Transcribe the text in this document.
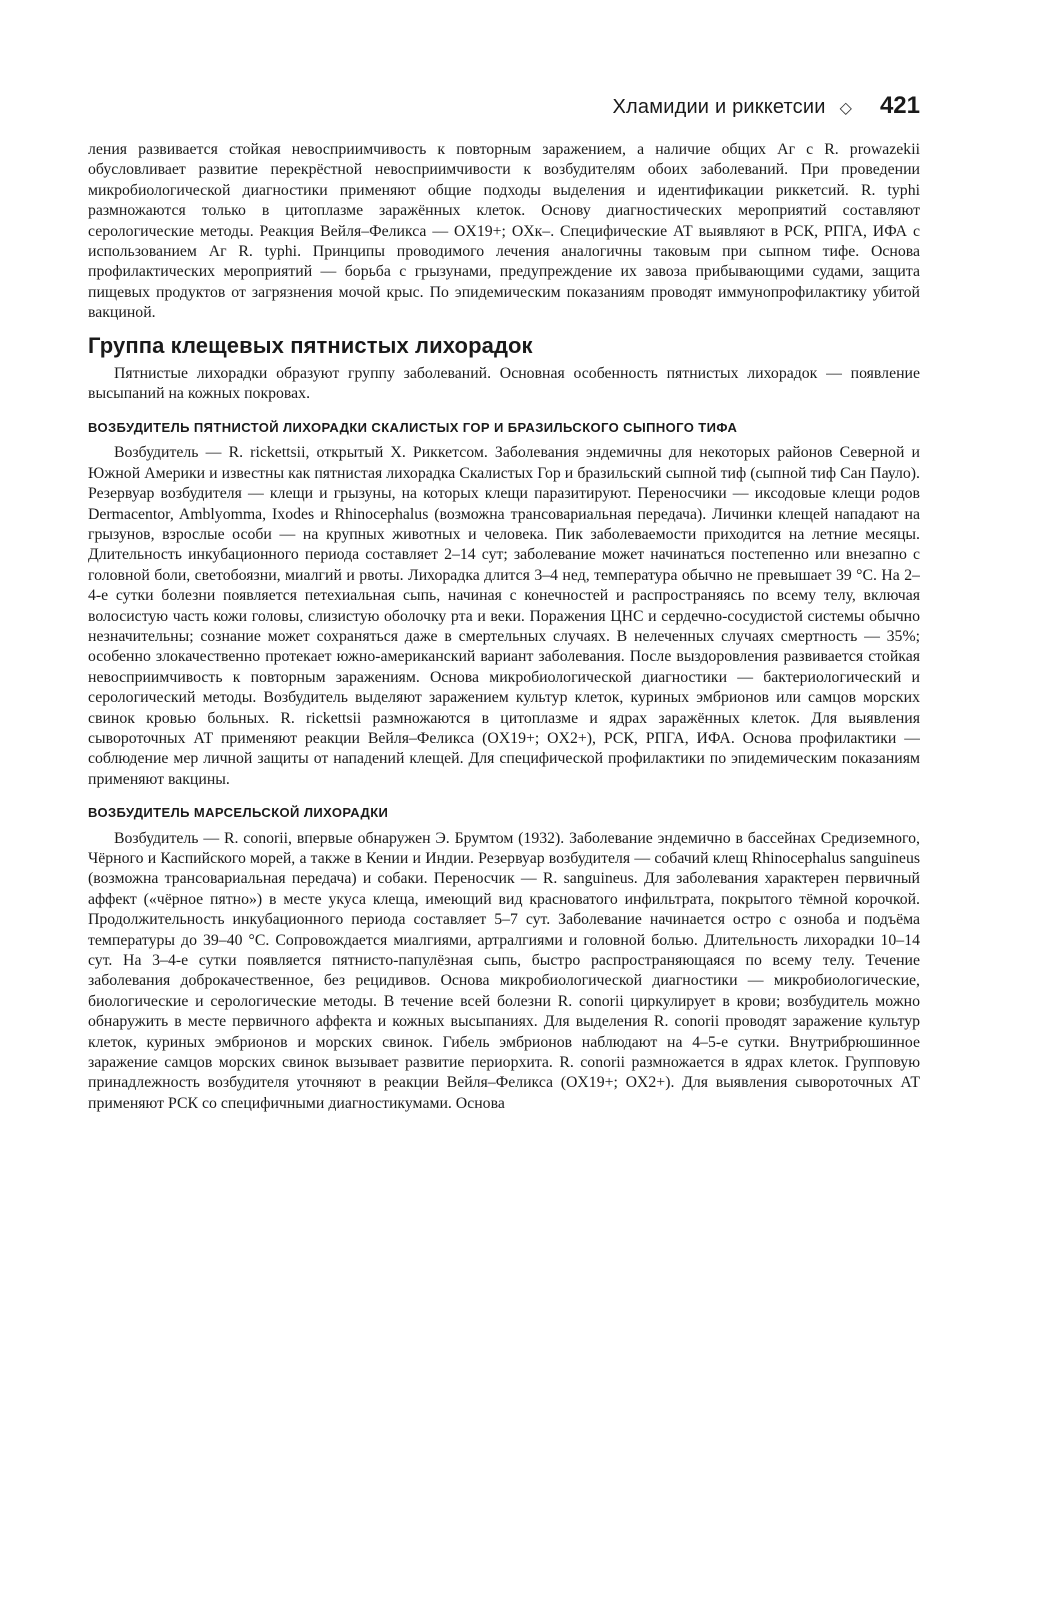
Хламидии и риккетсии ◇ 421

ления развивается стойкая невосприимчивость к повторным заражением, а наличие общих Аг с R. prowazekii обусловливает развитие перекрёстной невосприимчивости к возбудителям обоих заболеваний. При проведении микробиологической диагностики применяют общие подходы выделения и идентификации риккетсий. R. typhi размножаются только в цитоплазме заражённых клеток. Основу диагностических мероприятий составляют серологические методы. Реакция Вейля–Феликса — OX19+; OXк–. Специфические АТ выявляют в РСК, РПГА, ИФА с использованием Аг R. typhi. Принципы проводимого лечения аналогичны таковым при сыпном тифе. Основа профилактических мероприятий — борьба с грызунами, предупреждение их завоза прибывающими судами, защита пищевых продуктов от загрязнения мочой крыс. По эпидемическим показаниям проводят иммунопрофилактику убитой вакциной.

Группа клещевых пятнистых лихорадок

Пятнистые лихорадки образуют группу заболеваний. Основная особенность пятнистых лихорадок — появление высыпаний на кожных покровах.

ВОЗБУДИТЕЛЬ ПЯТНИСТОЙ ЛИХОРАДКИ СКАЛИСТЫХ ГОР И БРАЗИЛЬСКОГО СЫПНОГО ТИФА

Возбудитель — R. rickettsii, открытый X. Риккетсом. Заболевания эндемичны для некоторых районов Северной и Южной Америки и известны как пятнистая лихорадка Скалистых Гор и бразильский сыпной тиф (сыпной тиф Сан Пауло). Резервуар возбудителя — клещи и грызуны, на которых клещи паразитируют. Переносчики — иксодовые клещи родов Dermacentor, Amblyomma, Ixodes и Rhinocephalus (возможна трансовариальная передача). Личинки клещей нападают на грызунов, взрослые особи — на крупных животных и человека. Пик заболеваемости приходится на летние месяцы. Длительность инкубационного периода составляет 2–14 сут; заболевание может начинаться постепенно или внезапно с головной боли, светобоязни, миалгий и рвоты. Лихорадка длится 3–4 нед, температура обычно не превышает 39 °С. На 2–4-е сутки болезни появляется петехиальная сыпь, начиная с конечностей и распространяясь по всему телу, включая волосистую часть кожи головы, слизистую оболочку рта и веки. Поражения ЦНС и сердечно-сосудистой системы обычно незначительны; сознание может сохраняться даже в смертельных случаях. В нелеченных случаях смертность — 35%; особенно злокачественно протекает южно-американский вариант заболевания. После выздоровления развивается стойкая невосприимчивость к повторным заражениям. Основа микробиологической диагностики — бактериологический и серологический методы. Возбудитель выделяют заражением культур клеток, куриных эмбрионов или самцов морских свинок кровью больных. R. rickettsii размножаются в цитоплазме и ядрах заражённых клеток. Для выявления сывороточных АТ применяют реакции Вейля–Феликса (OX19+; OX2+), РСК, РПГА, ИФА. Основа профилактики — соблюдение мер личной защиты от нападений клещей. Для специфической профилактики по эпидемическим показаниям применяют вакцины.

ВОЗБУДИТЕЛЬ МАРСЕЛЬСКОЙ ЛИХОРАДКИ

Возбудитель — R. conorii, впервые обнаружен Э. Брумтом (1932). Заболевание эндемично в бассейнах Средиземного, Чёрного и Каспийского морей, а также в Кении и Индии. Резервуар возбудителя — собачий клещ Rhinocephalus sanguineus (возможна трансовариальная передача) и собаки. Переносчик — R. sanguineus. Для заболевания характерен первичный аффект («чёрное пятно») в месте укуса клеща, имеющий вид красноватого инфильтрата, покрытого тёмной корочкой. Продолжительность инкубационного периода составляет 5–7 сут. Заболевание начинается остро с озноба и подъёма температуры до 39–40 °С. Сопровождается миалгиями, артралгиями и головной болью. Длительность лихорадки 10–14 сут. На 3–4-е сутки появляется пятнисто-папулёзная сыпь, быстро распространяющаяся по всему телу. Течение заболевания доброкачественное, без рецидивов. Основа микробиологической диагностики — микробиологические, биологические и серологические методы. В течение всей болезни R. conorii циркулирует в крови; возбудитель можно обнаружить в месте первичного аффекта и кожных высыпаниях. Для выделения R. conorii проводят заражение культур клеток, куриных эмбрионов и морских свинок. Гибель эмбрионов наблюдают на 4–5-е сутки. Внутрибрюшинное заражение самцов морских свинок вызывает развитие периорхита. R. conorii размножается в ядрах клеток. Групповую принадлежность возбудителя уточняют в реакции Вейля–Феликса (OX19+; OX2+). Для выявления сывороточных АТ применяют РСК со специфичными диагностикумами. Основа
